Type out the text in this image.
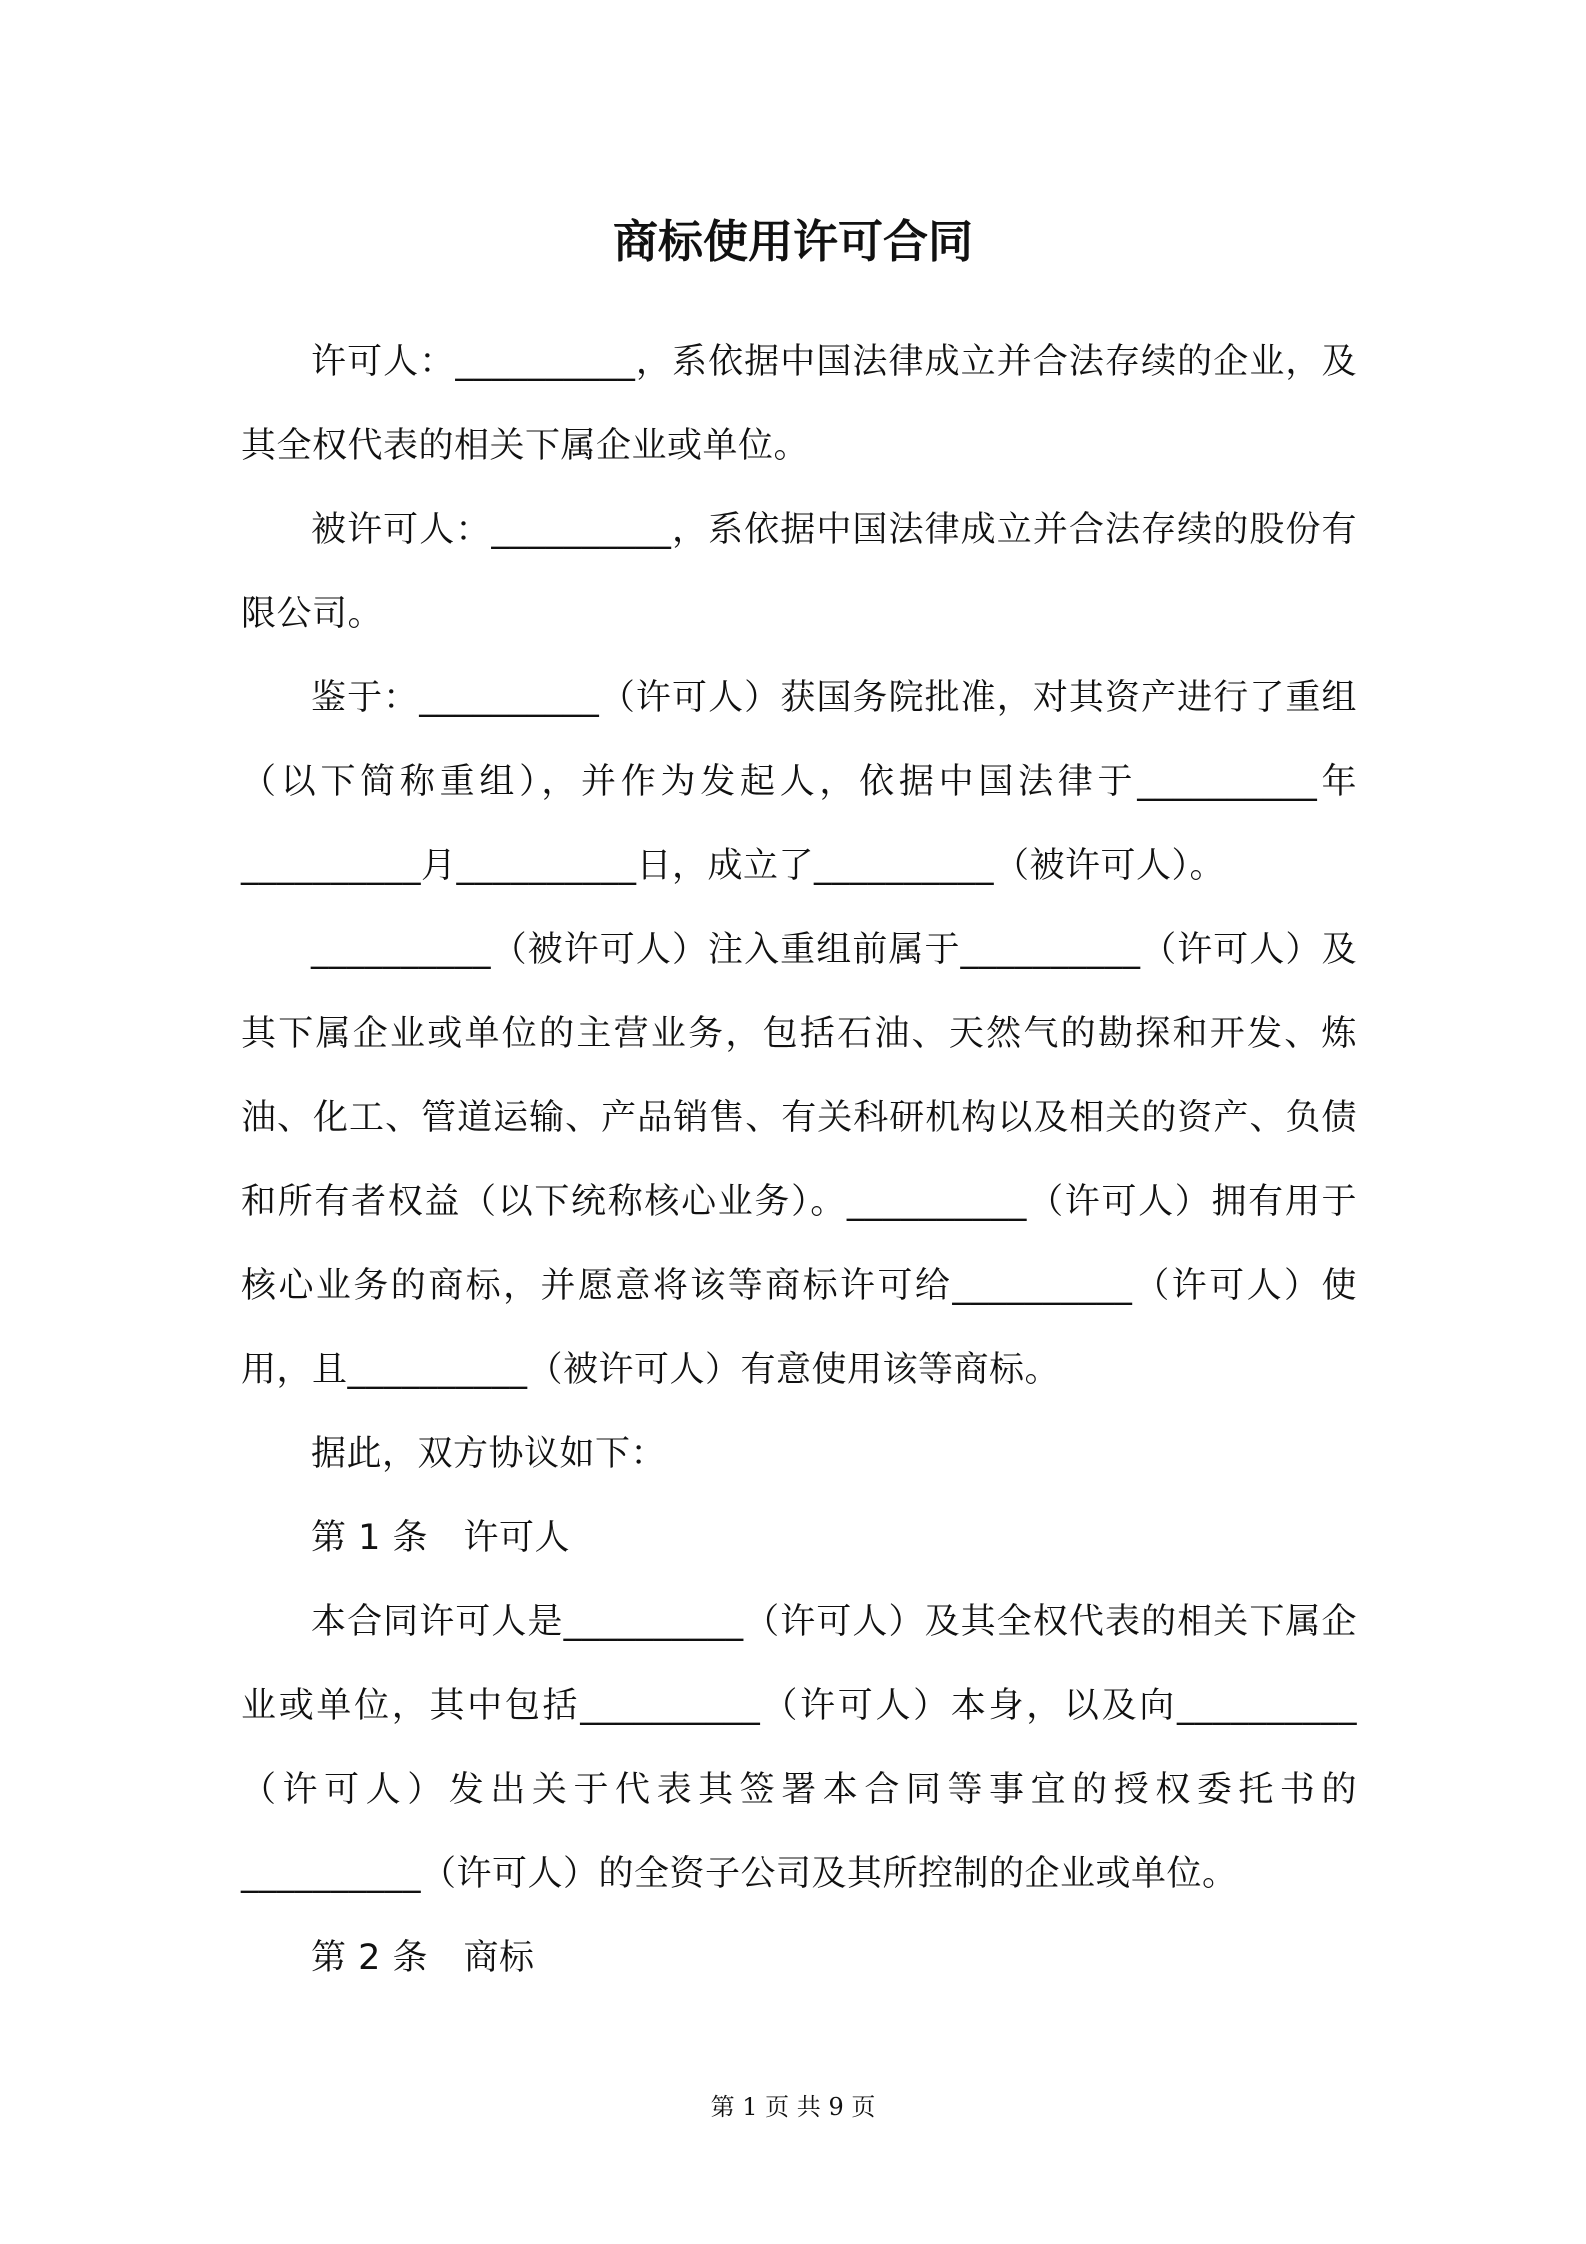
商标使用许可合同

许可人：__________，系依据中国法律成立并合法存续的企业，及其全权代表的相关下属企业或单位。

被许可人：__________，系依据中国法律成立并合法存续的股份有限公司。

鉴于：__________（许可人）获国务院批准，对其资产进行了重组（以下简称重组），并作为发起人，依据中国法律于__________年__________月__________日，成立了__________（被许可人）。

__________（被许可人）注入重组前属于__________（许可人）及其下属企业或单位的主营业务，包括石油、天然气的勘探和开发、炼油、化工、管道运输、产品销售、有关科研机构以及相关的资产、负债和所有者权益（以下统称核心业务）。__________（许可人）拥有用于核心业务的商标，并愿意将该等商标许可给__________（许可人）使用，且__________（被许可人）有意使用该等商标。

据此，双方协议如下：

第 1 条　许可人

本合同许可人是__________（许可人）及其全权代表的相关下属企业或单位，其中包括__________（许可人）本身，以及向__________（许可人）发出关于代表其签署本合同等事宜的授权委托书的__________（许可人）的全资子公司及其所控制的企业或单位。

第 2 条　商标

第 1 页 共 9 页
